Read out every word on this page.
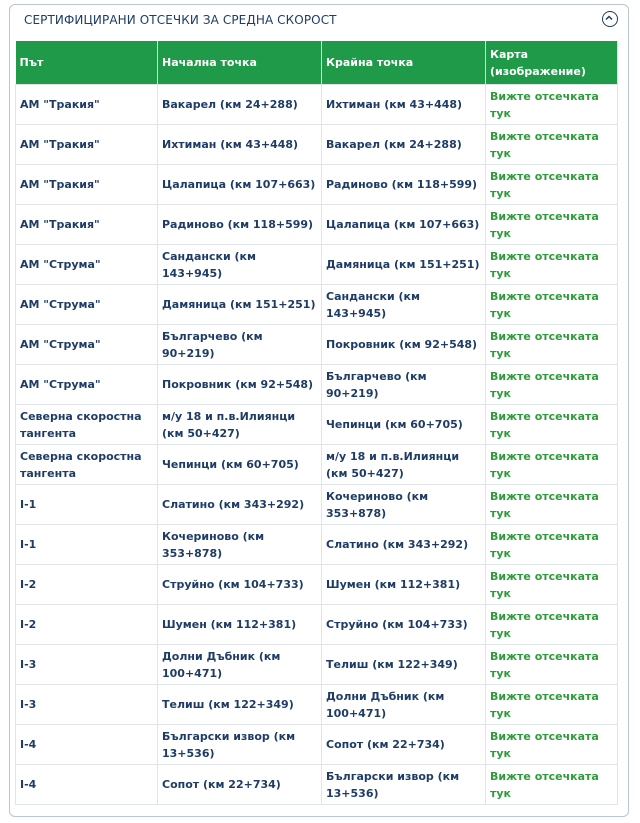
СЕРТИФИЦИРАНИ ОТСЕЧКИ ЗА СРЕДНА СКОРОСТ
Път	Начална точка	Крайна точка	Карта (изображение)
АМ "Тракия"	Вакарел (км 24+288)	Ихтиман (км 43+448)	Вижте отсечката тук
АМ "Тракия"	Ихтиман (км 43+448)	Вакарел (км 24+288)	Вижте отсечката тук
АМ "Тракия"	Цалапица (км 107+663)	Радиново (км 118+599)	Вижте отсечката тук
АМ "Тракия"	Радиново (км 118+599)	Цалапица (км 107+663)	Вижте отсечката тук
АМ "Струма"	Сандански (км 143+945)	Дамяница (км 151+251)	Вижте отсечката тук
АМ "Струма"	Дамяница (км 151+251)	Сандански (км 143+945)	Вижте отсечката тук
АМ "Струма"	Българчево (км 90+219)	Покровник (км 92+548)	Вижте отсечката тук
АМ "Струма"	Покровник (км 92+548)	Българчево (км 90+219)	Вижте отсечката тук
Северна скоростна тангента	м/у 18 и п.в.Илиянци (км 50+427)	Чепинци (км 60+705)	Вижте отсечката тук
Северна скоростна тангента	Чепинци (км 60+705)	м/у 18 и п.в.Илиянци (км 50+427)	Вижте отсечката тук
I-1	Слатино (км 343+292)	Кочериново (км 353+878)	Вижте отсечката тук
I-1	Кочериново (км 353+878)	Слатино (км 343+292)	Вижте отсечката тук
I-2	Струйно (км 104+733)	Шумен (км 112+381)	Вижте отсечката тук
I-2	Шумен (км 112+381)	Струйно (км 104+733)	Вижте отсечката тук
I-3	Долни Дъбник (км 100+471)	Телиш (км 122+349)	Вижте отсечката тук
I-3	Телиш (км 122+349)	Долни Дъбник (км 100+471)	Вижте отсечката тук
I-4	Български извор (км 13+536)	Сопот (км 22+734)	Вижте отсечката тук
I-4	Сопот (км 22+734)	Български извор (км 13+536)	Вижте отсечката тук
